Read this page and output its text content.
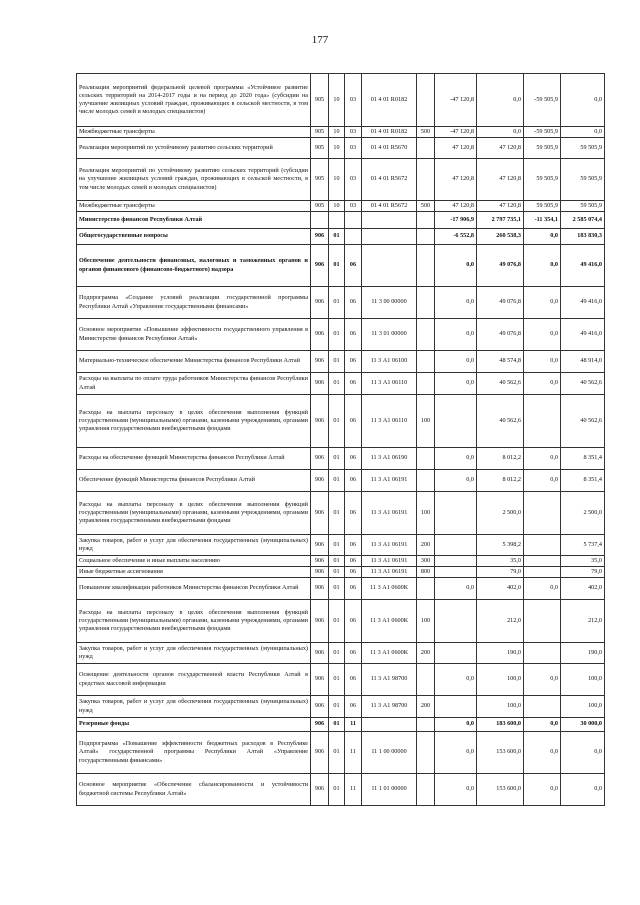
177
Реализация мероприятий федеральной целевой программы «Устойчивое развитие сельских территорий на 2014-2017 годы и на период до 2020 года» (субсидии на улучшение жилищных условий граждан, проживающих в сельской местности, в том числе молодых семей и молодых специалистов)	905	10	03	01 4 01 R0182		-47 120,8	0,0	-59 505,9	0,0
Межбюджетные трансферты	905	10	03	01 4 01 R0182	500	-47 120,8	0,0	-59 505,9	0,0
Реализация мероприятий по устойчивому развитию сельских территорий	905	10	03	01 4 01 R5670		47 120,8	47 120,8	59 505,9	59 505,9
Реализация мероприятий по устойчивому развитию сельских территорий (субсидии на улучшение жилищных условий граждан, проживающих в сельской местности, в том числе молодых семей и молодых специалистов)	905	10	03	01 4 01 R5672		47 120,8	47 120,8	59 505,9	59 505,9
Межбюджетные трансферты	905	10	03	01 4 01 R5672	500	47 120,8	47 120,8	59 505,9	59 505,9
Министерство финансов Республики Алтай						-17 906,9	2 797 735,1	-11 354,1	2 585 074,4
Общегосударственные вопросы	906	01				-6 552,8	260 538,3	0,0	183 830,3
Обеспечение деятельности финансовых, налоговых и таможенных органов и органов финансового (финансово-бюджетного) надзора	906	01	06			0,0	49 076,8	0,0	49 416,0
Подпрограмма «Создание условий реализации государственной программы Республики Алтай «Управление государственными финансами»	906	01	06	11 3 00 00000		0,0	49 076,8	0,0	49 416,0
Основное мероприятие «Повышение эффективности государственного управления в Министерстве финансов Республики Алтай»	906	01	06	11 3 01 00000		0,0	49 076,8	0,0	49 416,0
Материально-техническое обеспечение Министерства финансов Республики Алтай	906	01	06	11 3 А1 06100		0,0	48 574,8	0,0	48 914,0
Расходы на выплаты по оплате труда работников Министерства финансов Республики Алтай	906	01	06	11 3 А1 06110		0,0	40 562,6	0,0	40 562,6
Расходы на выплаты персоналу в целях обеспечения выполнения функций государственными (муниципальными) органами, казенными учреждениями, органами управления государственными внебюджетными фондами	906	01	06	11 3 А1 06110	100		40 562,6		40 562,6
Расходы на обеспечение функций Министерства финансов Республики Алтай	906	01	06	11 3 А1 06190		0,0	8 012,2	0,0	8 351,4
Обеспечение функций Министерства финансов Республики Алтай	906	01	06	11 3 А1 06191		0,0	8 012,2	0,0	8 351,4
Расходы на выплаты персоналу в целях обеспечения выполнения функций государственными (муниципальными) органами, казенными учреждениями, органами управления государственными внебюджетными фондами	906	01	06	11 3 А1 06191	100		2 500,0		2 500,0
Закупка товаров, работ и услуг для обеспечения государственных (муниципальных) нужд	906	01	06	11 3 А1 06191	200		5 398,2		5 737,4
Социальное обеспечение и иные выплаты населению	906	01	06	11 3 А1 06191	300		35,0		35,0
Иные бюджетные ассигнования	906	01	06	11 3 А1 06191	800		79,0		79,0
Повышение квалификации работников Министерства финансов Республики Алтай	906	01	06	11 3 А1 0600К		0,0	402,0	0,0	402,0
Расходы на выплаты персоналу в целях обеспечения выполнения функций государственными (муниципальными) органами, казенными учреждениями, органами управления государственными внебюджетными фондами	906	01	06	11 3 А1 0600К	100		212,0		212,0
Закупка товаров, работ и услуг для обеспечения государственных (муниципальных) нужд	906	01	06	11 3 А1 0600К	200		190,0		190,0
Освещение деятельности органов государственной власти Республики Алтай в средствах массовой информации	906	01	06	11 3 А1 98700		0,0	100,0	0,0	100,0
Закупка товаров, работ и услуг для обеспечения государственных (муниципальных) нужд	906	01	06	11 3 А1 98700	200		100,0		100,0
Резервные фонды	906	01	11			0,0	183 600,0	0,0	30 000,0
Подпрограмма «Повышение эффективности бюджетных расходов в Республике Алтай» государственной программы Республики Алтай «Управление государственными финансами»	906	01	11	11 1 00 00000		0,0	153 600,0	0,0	0,0
Основное мероприятие «Обеспечение сбалансированности и устойчивости бюджетной системы Республики Алтай»	906	01	11	11 1 01 00000		0,0	153 600,0	0,0	0,0
